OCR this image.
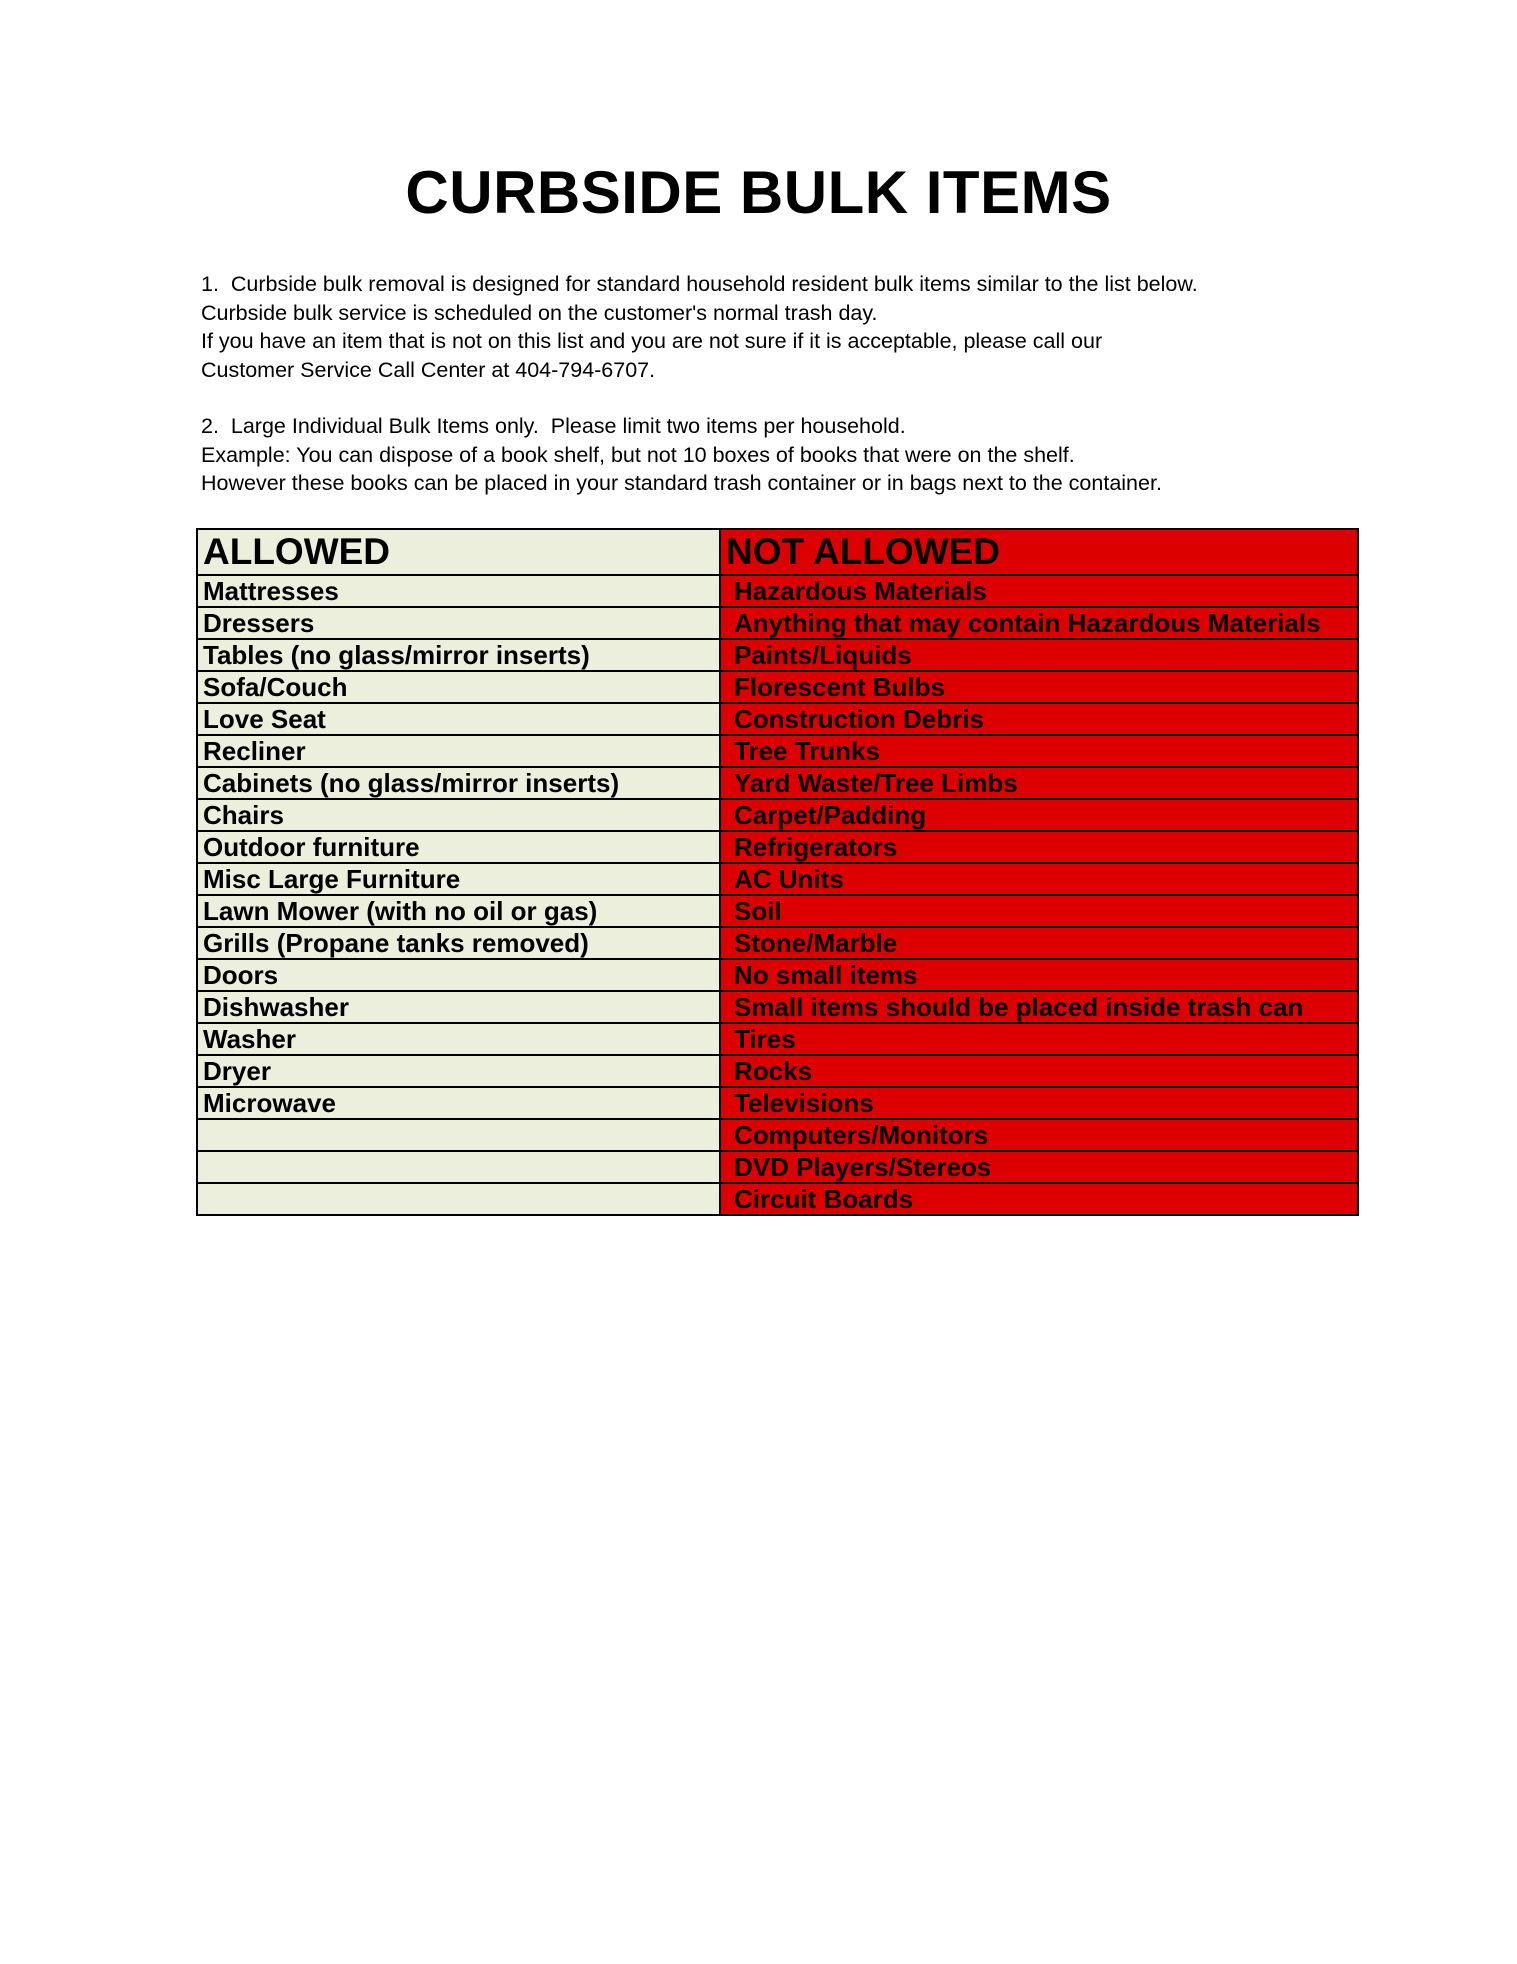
CURBSIDE BULK ITEMS

1.  Curbside bulk removal is designed for standard household resident bulk items similar to the list below.

Curbside bulk service is scheduled on the customer's normal trash day.

If you have an item that is not on this list and you are not sure if it is acceptable, please call our

Customer Service Call Center at 404-794-6707.

2.  Large Individual Bulk Items only.  Please limit two items per household.

Example: You can dispose of a book shelf, but not 10 boxes of books that were on the shelf.

However these books can be placed in your standard trash container or in bags next to the container.

ALLOWED	NOT ALLOWED
Mattresses	Hazardous Materials
Dressers	Anything that may contain Hazardous Materials
Tables (no glass/mirror inserts)	Paints/Liquids
Sofa/Couch	Florescent Bulbs
Love Seat	Construction Debris
Recliner	Tree Trunks
Cabinets (no glass/mirror inserts)	Yard Waste/Tree Limbs
Chairs	Carpet/Padding
Outdoor furniture	Refrigerators
Misc Large Furniture	AC Units
Lawn Mower (with no oil or gas)	Soil
Grills (Propane tanks removed)	Stone/Marble
Doors	No small items
Dishwasher	Small items should be placed inside trash can
Washer	Tires
Dryer	Rocks
Microwave	Televisions
	Computers/Monitors
	DVD Players/Stereos
	Circuit Boards
